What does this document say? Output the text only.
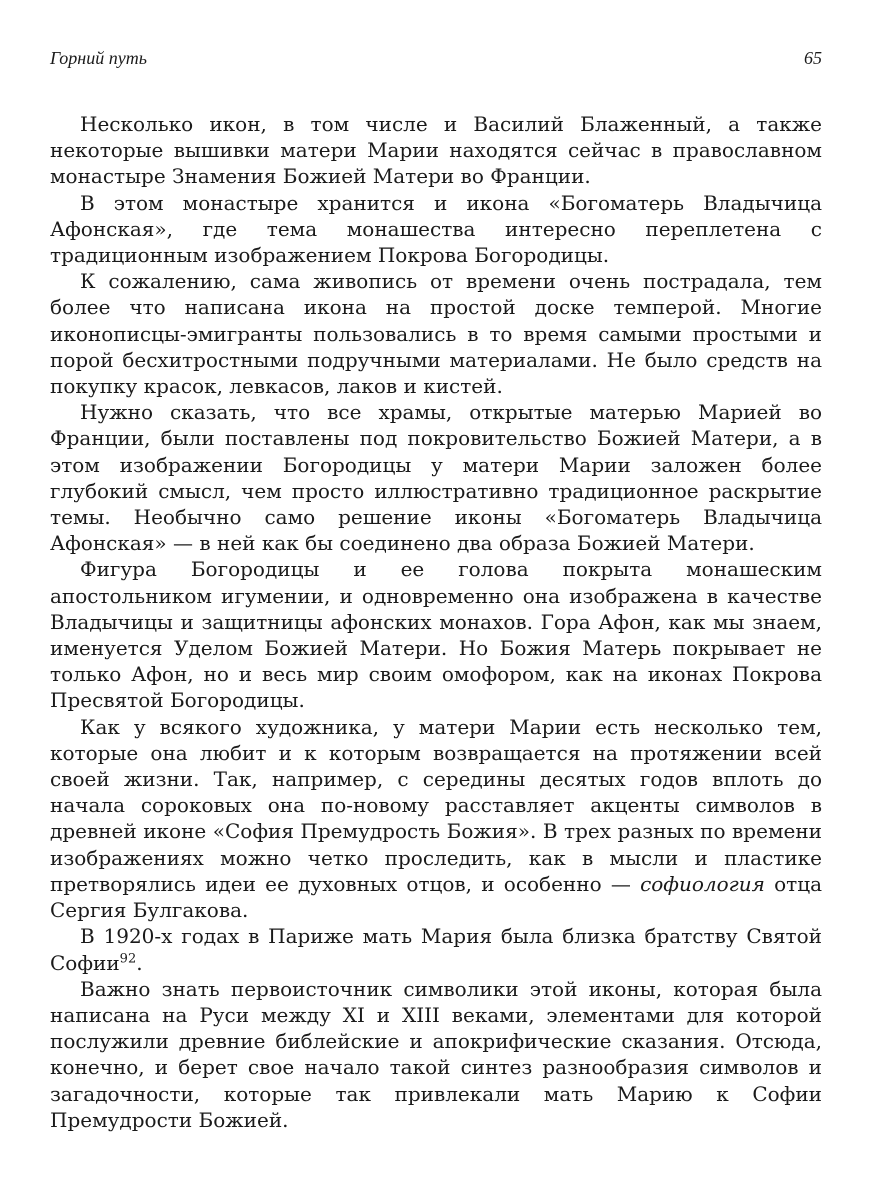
Горний путь	65

Несколько икон, в том числе и Василий Блаженный, а также некоторые вышивки матери Марии находятся сейчас в православном монастыре Знамения Божией Матери во Франции.

В этом монастыре хранится и икона «Богоматерь Владычица Афонская», где тема монашества интересно переплетена с традиционным изображением Покрова Богородицы.

К сожалению, сама живопись от времени очень пострадала, тем более что написана икона на простой доске темперой. Многие иконописцы-эмигранты пользовались в то время самыми простыми и порой бесхитростными подручными материалами. Не было средств на покупку красок, левкасов, лаков и кистей.

Нужно сказать, что все храмы, открытые матерью Марией во Франции, были поставлены под покровительство Божией Матери, а в этом изображении Богородицы у матери Марии заложен более глубокий смысл, чем просто иллюстративно традиционное раскрытие темы. Необычно само решение иконы «Богоматерь Владычица Афонская» — в ней как бы соединено два образа Божией Матери.

Фигура Богородицы и ее голова покрыта монашеским апостольником игумении, и одновременно она изображена в качестве Владычицы и защитницы афонских монахов. Гора Афон, как мы знаем, именуется Уделом Божией Матери. Но Божия Матерь покрывает не только Афон, но и весь мир своим омофором, как на иконах Покрова Пресвятой Богородицы.

Как у всякого художника, у матери Марии есть несколько тем, которые она любит и к которым возвращается на протяжении всей своей жизни. Так, например, с середины десятых годов вплоть до начала сороковых она по-новому расставляет акценты символов в древней иконе «София Премудрость Божия». В трех разных по времени изображениях можно четко проследить, как в мысли и пластике претворялись идеи ее духовных отцов, и особенно — софиология отца Сергия Булгакова.

В 1920-х годах в Париже мать Мария была близка братству Святой Софии$^{92}$.

Важно знать первоисточник символики этой иконы, которая была написана на Руси между XI и XIII веками, элементами для которой послужили древние библейские и апокрифические сказания. Отсюда, конечно, и берет свое начало такой синтез разнообразия символов и загадочности, которые так привлекали мать Марию к Софии Премудрости Божией.
